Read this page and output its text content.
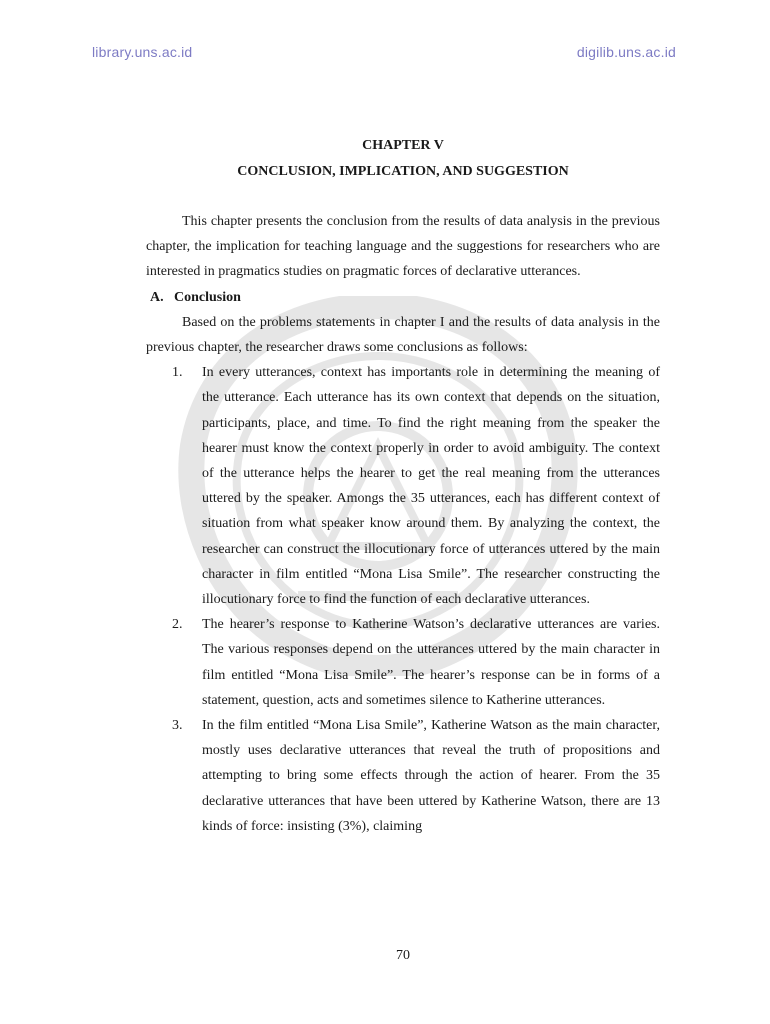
library.uns.ac.id	digilib.uns.ac.id
CHAPTER V
CONCLUSION, IMPLICATION, AND SUGGESTION

This chapter presents the conclusion from the results of data analysis in the previous chapter, the implication for teaching language and the suggestions for researchers who are interested in pragmatics studies on pragmatic forces of declarative utterances.

A. Conclusion

Based on the problems statements in chapter I and the results of data analysis in the previous chapter, the researcher draws some conclusions as follows:

1. In every utterances, context has importants role in determining the meaning of the utterance. Each utterance has its own context that depends on the situation, participants, place, and time. To find the right meaning from the speaker the hearer must know the context properly in order to avoid ambiguity. The context of the utterance helps the hearer to get the real meaning from the utterances uttered by the speaker. Amongs the 35 utterances, each has different context of situation from what speaker know around them. By analyzing the context, the researcher can construct the illocutionary force of utterances uttered by the main character in film entitled “Mona Lisa Smile”. The researcher constructing the illocutionary force to find the function of each declarative utterances.
2. The hearer’s response to Katherine Watson’s declarative utterances are varies. The various responses depend on the utterances uttered by the main character in film entitled “Mona Lisa Smile”. The hearer’s response can be in forms of a statement, question, acts and sometimes silence to Katherine utterances.
3. In the film entitled “Mona Lisa Smile”, Katherine Watson as the main character, mostly uses declarative utterances that reveal the truth of propositions and attempting to bring some effects through the action of hearer. From the 35 declarative utterances that have been uttered by Katherine Watson, there are 13 kinds of force: insisting (3%), claiming
70
